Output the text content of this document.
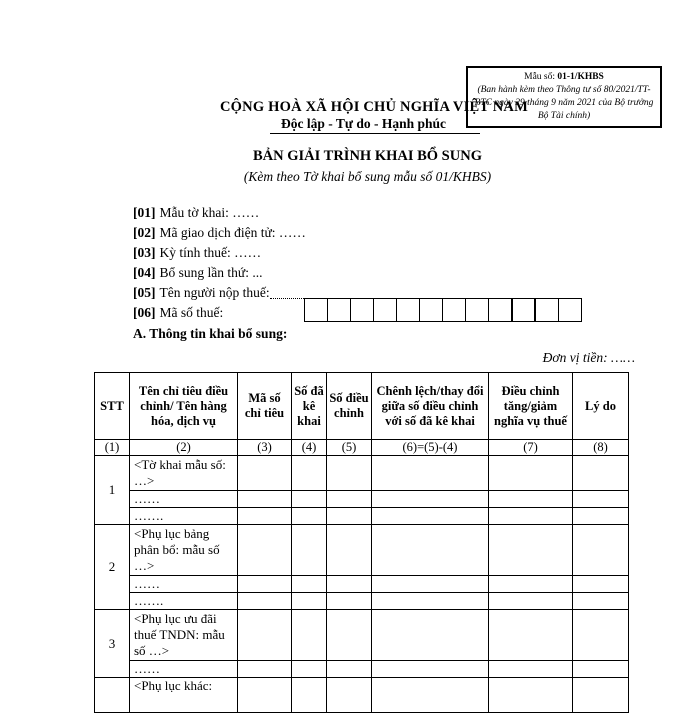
Mẫu số: 01-1/KHBS
(Ban hành kèm theo Thông tư số 80/2021/TT-BTC ngày 29 tháng 9 năm 2021 của Bộ trưởng Bộ Tài chính)
CỘNG HOÀ XÃ HỘI CHỦ NGHĨA VIỆT NAM
Độc lập - Tự do - Hạnh phúc
BẢN GIẢI TRÌNH KHAI BỔ SUNG
(Kèm theo Tờ khai bổ sung mẫu số 01/KHBS)
[01] Mẫu tờ khai: ……
[02] Mã giao dịch điện tử: ……
[03] Kỳ tính thuế: ……
[04] Bổ sung lần thứ: ...
[05] Tên người nộp thuế:
[06] Mã số thuế:
A. Thông tin khai bổ sung:
Đơn vị tiền: ……
STT	Tên chỉ tiêu điều chỉnh/ Tên hàng hóa, dịch vụ	Mã số chỉ tiêu	Số đã kê khai	Số điều chỉnh	Chênh lệch/thay đổi giữa số điều chỉnh với số đã kê khai	Điều chỉnh tăng/giảm nghĩa vụ thuế	Lý do
(1)	(2)	(3)	(4)	(5)	(6)=(5)-(4)	(7)	(8)
1	<Tờ khai mẫu số: …>						
	……						
	…….						
2	<Phụ lục bảng phân bổ: mẫu số …>						
	……						
	…….						
3	<Phụ lục ưu đãi thuế TNDN: mẫu số …>						
	……						
	<Phụ lục khác:						
